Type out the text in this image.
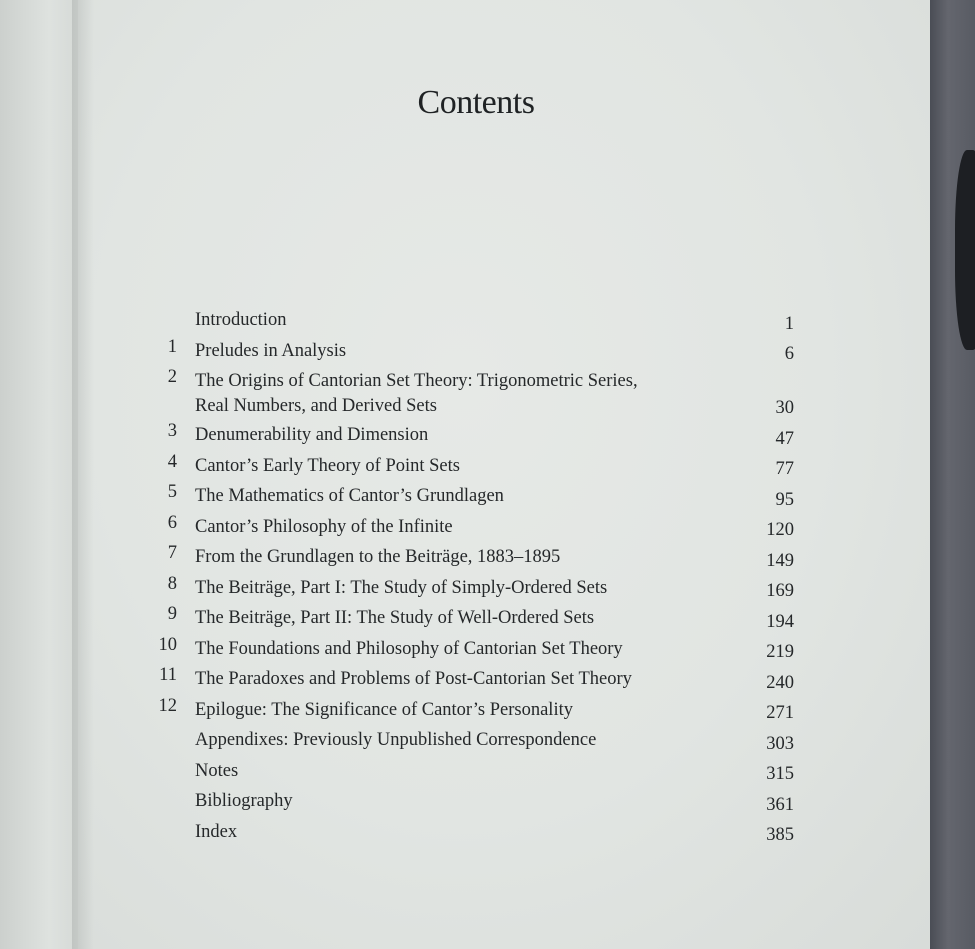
Contents
Introduction	1
1 Preludes in Analysis	6
2 The Origins of Cantorian Set Theory: Trigonometric Series,
Real Numbers, and Derived Sets	30
3 Denumerability and Dimension	47
4 Cantor’s Early Theory of Point Sets	77
5 The Mathematics of Cantor’s Grundlagen	95
6 Cantor’s Philosophy of the Infinite	120
7 From the Grundlagen to the Beiträge, 1883–1895	149
8 The Beiträge, Part I: The Study of Simply-Ordered Sets	169
9 The Beiträge, Part II: The Study of Well-Ordered Sets	194
10 The Foundations and Philosophy of Cantorian Set Theory	219
11 The Paradoxes and Problems of Post-Cantorian Set Theory	240
12 Epilogue: The Significance of Cantor’s Personality	271
Appendixes: Previously Unpublished Correspondence	303
Notes	315
Bibliography	361
Index	385
